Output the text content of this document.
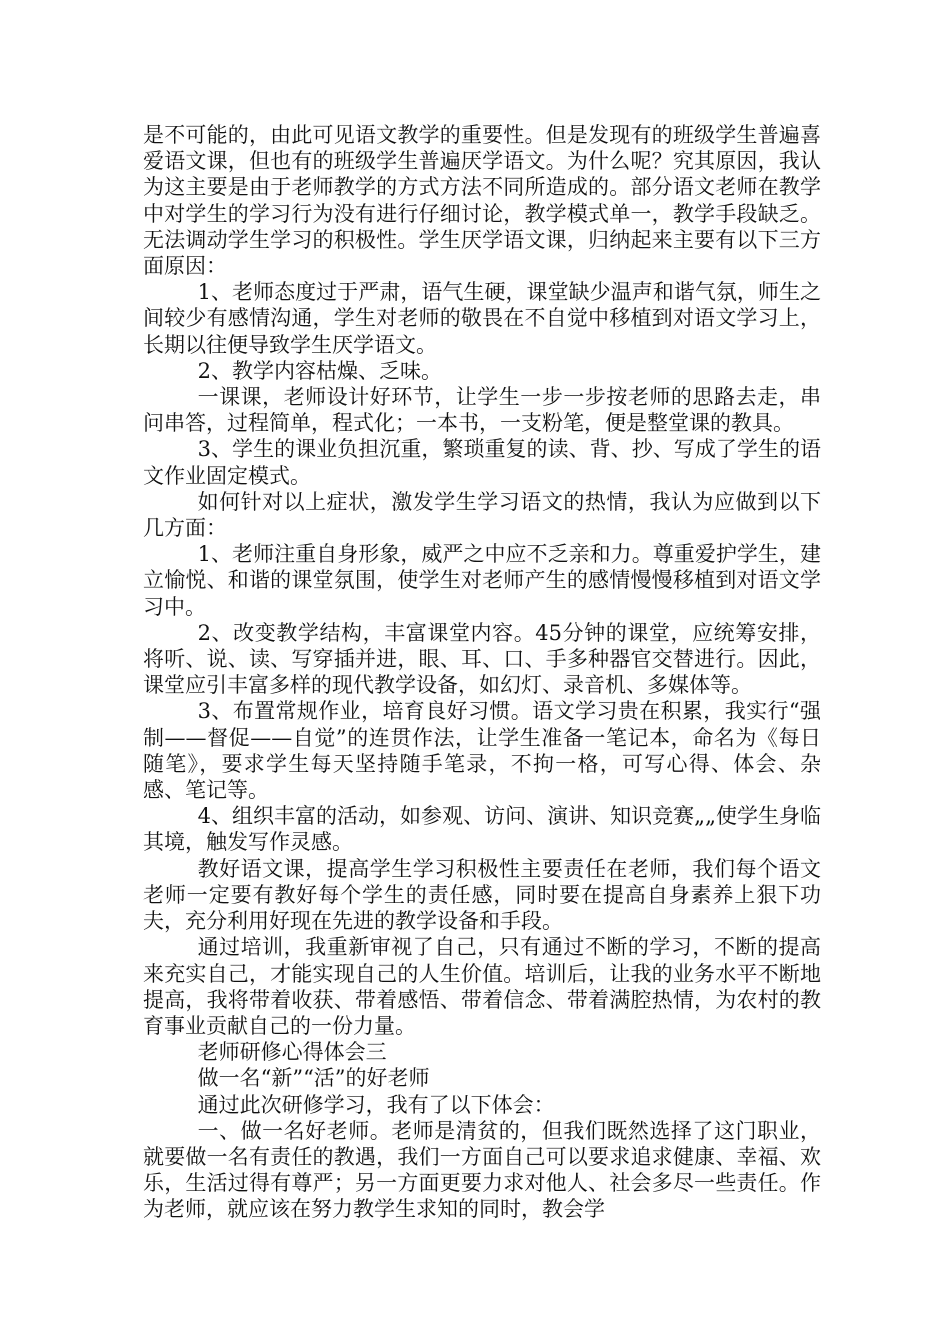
是不可能的，由此可见语文教学的重要性。但是发现有的班级学生普遍喜爱语文课，但也有的班级学生普遍厌学语文。为什么呢？究其原因，我认为这主要是由于老师教学的方式方法不同所造成的。部分语文老师在教学中对学生的学习行为没有进行仔细讨论，教学模式单一，教学手段缺乏。无法调动学生学习的积极性。学生厌学语文课，归纳起来主要有以下三方面原因：

1、老师态度过于严肃，语气生硬，课堂缺少温声和谐气氛，师生之间较少有感情沟通，学生对老师的敬畏在不自觉中移植到对语文学习上，长期以往便导致学生厌学语文。

2、教学内容枯燥、乏味。

一课课，老师设计好环节，让学生一步一步按老师的思路去走，串问串答，过程简单，程式化；一本书，一支粉笔，便是整堂课的教具。

3、学生的课业负担沉重，繁琐重复的读、背、抄、写成了学生的语文作业固定模式。

如何针对以上症状，激发学生学习语文的热情，我认为应做到以下几方面：

1、老师注重自身形象，威严之中应不乏亲和力。尊重爱护学生，建立愉悦、和谐的课堂氛围，使学生对老师产生的感情慢慢移植到对语文学习中。

2、改变教学结构，丰富课堂内容。45分钟的课堂，应统筹安排，将听、说、读、写穿插并进，眼、耳、口、手多种器官交替进行。因此，课堂应引丰富多样的现代教学设备，如幻灯、录音机、多媒体等。

3、布置常规作业，培育良好习惯。语文学习贵在积累，我实行“强制——督促——自觉”的连贯作法，让学生准备一笔记本，命名为《每日随笔》，要求学生每天坚持随手笔录，不拘一格，可写心得、体会、杂感、笔记等。

4、组织丰富的活动，如参观、访问、演讲、知识竞赛„„使学生身临其境，触发写作灵感。

教好语文课，提高学生学习积极性主要责任在老师，我们每个语文老师一定要有教好每个学生的责任感，同时要在提高自身素养上狠下功夫，充分利用好现在先进的教学设备和手段。

通过培训，我重新审视了自己，只有通过不断的学习，不断的提高来充实自己，才能实现自己的人生价值。培训后，让我的业务水平不断地提高，我将带着收获、带着感悟、带着信念、带着满腔热情，为农村的教育事业贡献自己的一份力量。

老师研修心得体会三

做一名“新”“活”的好老师

通过此次研修学习，我有了以下体会：

一、做一名好老师。老师是清贫的，但我们既然选择了这门职业，就要做一名有责任的教遇，我们一方面自己可以要求追求健康、幸福、欢乐，生活过得有尊严；另一方面更要力求对他人、社会多尽一些责任。作为老师，就应该在努力教学生求知的同时，教会学
